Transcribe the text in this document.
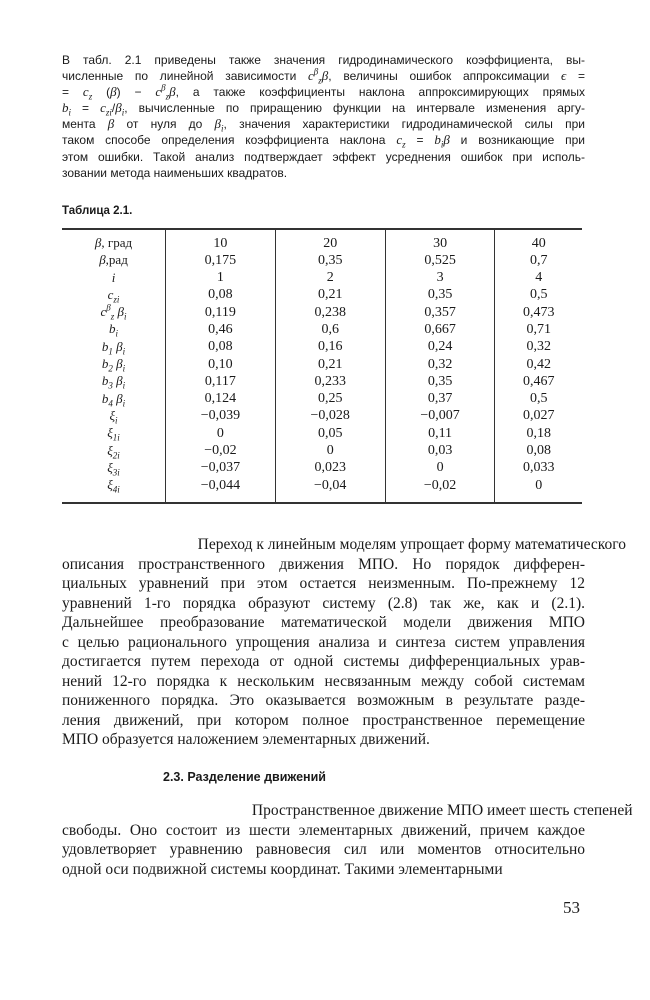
В табл. 2.1 приведены также значения гидродинамического коэффициента, вы-
численные по линейной зависимости $c^\beta_z\beta$, величины ошибок аппроксимации ϵ =
= $c_z$ $(\beta) - c^\beta_z\beta$, а также коэффициенты наклона аппроксимирующих прямых
$b_i = c_{zi}/\beta_i$, вычисленные по приращению функции на интервале изменения аргу-
мента β от нуля до $\beta_i$, значения характеристики гидродинамической силы при
таком способе определения коэффициента наклона $c_z = b_i\beta$ и возникающие при
этом ошибки. Такой анализ подтверждает эффект усреднения ошибок при исполь-
зовании метода наименьших квадратов.
Таблица 2.1.
β, град	10	20	30	40
β,рад	0,175	0,35	0,525	0,7
i	1	2	3	4
$c_{zi}$	0,08	0,21	0,35	0,5
$c^\beta_z$ $\beta_i$	0,119	0,238	0,357	0,473
$b_i$	0,46	0,6	0,667	0,71
$b_1$ $\beta_i$	0,08	0,16	0,24	0,32
$b_2$ $\beta_i$	0,10	0,21	0,32	0,42
$b_3$ $\beta_i$	0,117	0,233	0,35	0,467
$b_4$ $\beta_i$	0,124	0,25	0,37	0,5
$\xi_i$	−0,039	−0,028	−0,007	0,027
$\xi_{1i}$	0	0,05	0,11	0,18
$\xi_{2i}$	−0,02	0	0,03	0,08
$\xi_{3i}$	−0,037	0,023	0	0,033
$\xi_{4i}$	−0,044	−0,04	−0,02	0
Переход к линейным моделям упрощает форму математического
описания пространственного движения МПО. Но порядок дифферен-
циальных уравнений при этом остается неизменным. По-прежнему 12
уравнений 1-го порядка образуют систему (2.8) так же, как и (2.1).
Дальнейшее преобразование математической модели движения МПО
с целью рационального упрощения анализа и синтеза систем управления
достигается путем перехода от одной системы дифференциальных урав-
нений 12-го порядка к нескольким несвязанным между собой системам
пониженного порядка. Это оказывается возможным в результате разде-
ления движений, при котором полное пространственное перемещение
МПО образуется наложением элементарных движений.
2.3. Разделение движений
Пространственное движение МПО имеет шесть степеней
свободы. Оно состоит из шести элементарных движений, причем каждое
удовлетворяет уравнению равновесия сил или моментов относительно
одной оси подвижной системы координат. Такими элементарными
53
